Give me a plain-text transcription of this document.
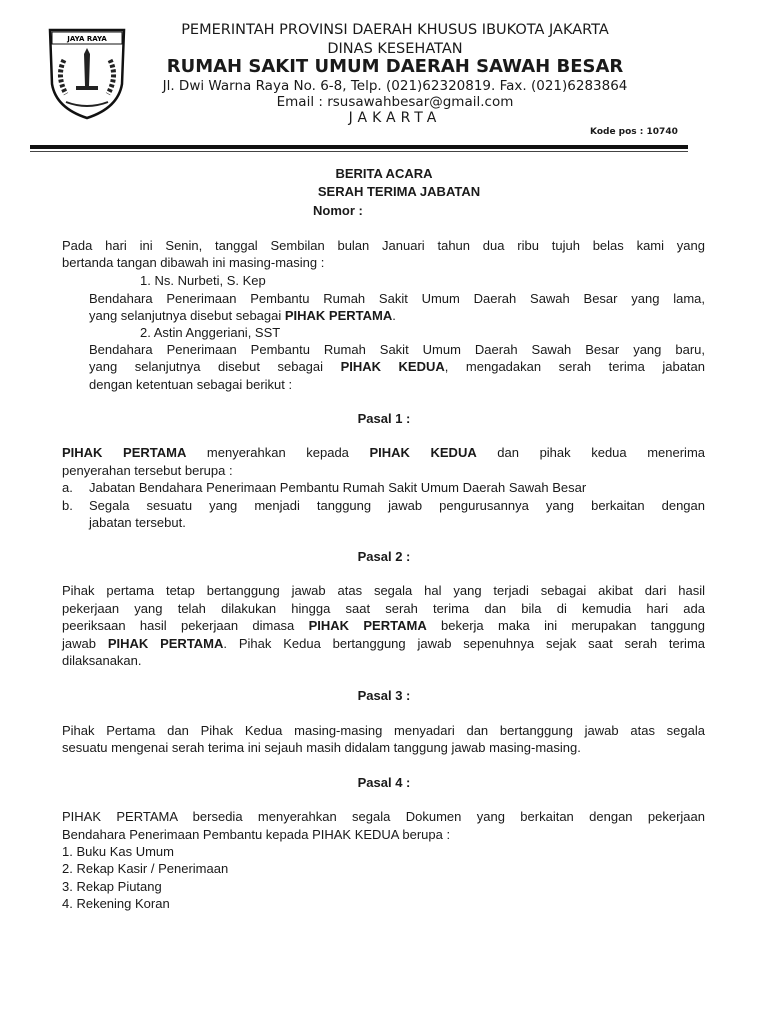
JAYA RAYA
PEMERINTAH PROVINSI DAERAH KHUSUS IBUKOTA JAKARTA
DINAS KESEHATAN
RUMAH SAKIT UMUM DAERAH SAWAH BESAR
Jl. Dwi Warna Raya No. 6-8, Telp. (021)62320819. Fax. (021)6283864
Email : rsusawahbesar@gmail.com
JAKARTA
Kode pos : 10740
BERITA ACARA
SERAH TERIMA JABATAN
Nomor :
Pada hari ini Senin, tanggal Sembilan bulan Januari tahun dua ribu tujuh belas kami yang
bertanda tangan dibawah ini masing-masing :
1. Ns. Nurbeti, S. Kep
Bendahara Penerimaan Pembantu Rumah Sakit Umum Daerah Sawah Besar yang lama,
yang selanjutnya disebut sebagai PIHAK PERTAMA.
2. Astin Anggeriani, SST
Bendahara Penerimaan Pembantu Rumah Sakit Umum Daerah Sawah Besar yang baru,
yang selanjutnya disebut sebagai PIHAK KEDUA, mengadakan serah terima jabatan
dengan ketentuan sebagai berikut :
Pasal 1 :
PIHAK PERTAMA menyerahkan kepada PIHAK KEDUA dan pihak kedua menerima
penyerahan tersebut berupa :
a. Jabatan Bendahara Penerimaan Pembantu Rumah Sakit Umum Daerah Sawah Besar
b. Segala sesuatu yang menjadi tanggung jawab pengurusannya yang berkaitan dengan
jabatan tersebut.
Pasal 2 :
Pihak pertama tetap bertanggung jawab atas segala hal yang terjadi sebagai akibat dari hasil
pekerjaan yang telah dilakukan hingga saat serah terima dan bila di kemudia hari ada
peeriksaan hasil pekerjaan dimasa PIHAK PERTAMA bekerja maka ini merupakan tanggung
jawab PIHAK PERTAMA. Pihak Kedua bertanggung jawab sepenuhnya sejak saat serah terima
dilaksanakan.
Pasal 3 :
Pihak Pertama dan Pihak Kedua masing-masing menyadari dan bertanggung jawab atas segala
sesuatu mengenai serah terima ini sejauh masih didalam tanggung jawab masing-masing.
Pasal 4 :
PIHAK PERTAMA bersedia menyerahkan segala Dokumen yang berkaitan dengan pekerjaan
Bendahara Penerimaan Pembantu kepada PIHAK KEDUA berupa :
1. Buku Kas Umum
2. Rekap Kasir / Penerimaan
3. Rekap Piutang
4. Rekening Koran
